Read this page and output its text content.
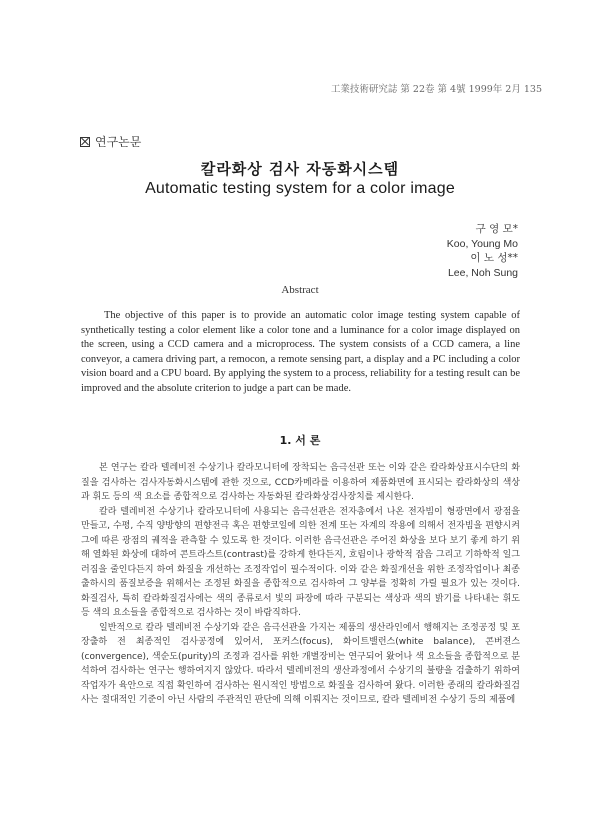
工業技術研究誌 第 22卷 第 4號 1999年 2月 135
연구논문
칼라화상 검사 자동화시스템
Automatic testing system for a color image
구 영 모*
Koo, Young Mo
이 노 성**
Lee, Noh Sung
Abstract

The objective of this paper is to provide an automatic color image testing system capable of synthetically testing a color element like a color tone and a luminance for a color image displayed on the screen, using a CCD camera and a microprocess. The system consists of a CCD camera, a line conveyor, a camera driving part, a remocon, a remote sensing part, a display and a PC including a color vision board and a CPU board. By applying the system to a process, reliability for a testing result can be improved and the absolute criterion to judge a part can be made.

1. 서 론

본 연구는 칼라 텔레비전 수상기나 칼라모니터에 장착되는 음극선관 또는 이와 같은 칼라화상표시수단의 화질을 검사하는 검사자동화시스템에 관한 것으로, CCD카메라를 이용하여 제품화면에 표시되는 칼라화상의 색상과 휘도 등의 색 요소를 종합적으로 검사하는 자동화된 칼라화상검사장치를 제시한다.

칼라 텔레비전 수상기나 칼라모니터에 사용되는 음극선관은 전자총에서 나온 전자빔이 형광면에서 광점을 만들고, 수평, 수직 양방향의 편향전극 혹은 편향코일에 의한 전계 또는 자계의 작용에 의해서 전자빔을 편향시켜 그에 따른 광점의 궤적을 관측할 수 있도록 한 것이다. 이러한 음극선관은 주어진 화상을 보다 보기 좋게 하기 위해 열화된 화상에 대하여 콘트라스트(contrast)를 강하게 한다든지, 흐림이나 광학적 잡음 그리고 기하학적 일그러짐을 줄인다든지 하여 화질을 개선하는 조정작업이 필수적이다. 이와 같은 화질개선을 위한 조정작업이나 최종 출하시의 품질보증을 위해서는 조정된 화질을 종합적으로 검사하여 그 양부를 정확히 가릴 필요가 있는 것이다. 화질검사, 특히 칼라화질검사에는 색의 종류로서 빛의 파장에 따라 구분되는 색상과 색의 밝기를 나타내는 휘도 등 색의 요소들을 종합적으로 검사하는 것이 바람직하다.

일반적으로 칼라 텔레비전 수상기와 같은 음극선관을 가지는 제품의 생산라인에서 행해지는 조정공정 및 포장출하 전 최종적인 검사공정에 있어서, 포커스(focus), 화이트밸런스(white balance), 콘버젼스(convergence), 색순도(purity)의 조정과 검사를 위한 개별장비는 연구되어 왔어나 색 요소들을 종합적으로 분석하여 검사하는 연구는 행하여지지 않았다. 따라서 텔레비전의 생산과정에서 수상기의 불량을 검출하기 위하여 작업자가 육안으로 직접 확인하여 검사하는 원시적인 방법으로 화질을 검사하여 왔다. 이러한 종래의 칼라화질검사는 절대적인 기준이 아닌 사람의 주관적인 판단에 의해 이뤄지는 것이므로, 칼라 텔레비전 수상기 등의 제품에
